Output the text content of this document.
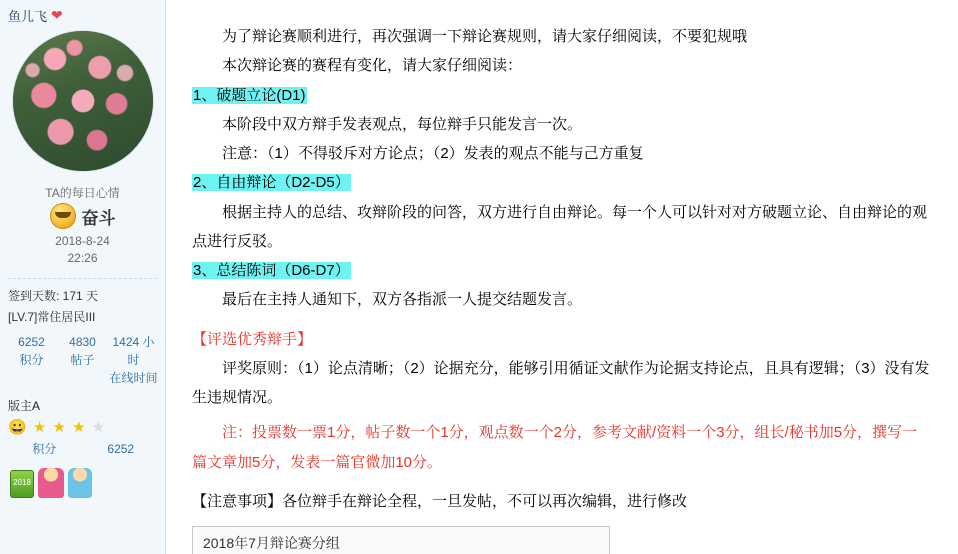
鱼儿飞 ❤
TA的每日心情
奋斗
2018-8-24
22:26
签到天数: 171 天
[LV.7]常住居民III
6252
积分
4830
帖子
1424 小时
在线时间
版主A
😀 ★ ★ ★ ★
积分	6252
2018

为了辩论赛顺利进行，再次强调一下辩论赛规则，请大家仔细阅读，不要犯规哦

本次辩论赛的赛程有变化，请大家仔细阅读：

1、破题立论(D1)

本阶段中双方辩手发表观点，每位辩手只能发言一次。

注意：（1）不得驳斥对方论点；（2）发表的观点不能与己方重复

2、自由辩论（D2-D5）

根据主持人的总结、攻辩阶段的问答，双方进行自由辩论。每一个人可以针对对方破题立论、自由辩论的观点进行反驳。

3、总结陈词（D6-D7）

最后在主持人通知下，双方各指派一人提交结题发言。

【评选优秀辩手】

评奖原则：（1）论点清晰；（2）论据充分，能够引用循证文献作为论据支持论点，且具有逻辑；（3）没有发生违规情况。

注：投票数一票1分，帖子数一个1分，观点数一个2分，参考文献/资料一个3分，组长/秘书加5分，撰写一篇文章加5分，发表一篇官微加10分。

【注意事项】各位辩手在辩论全程，一旦发帖，不可以再次编辑，进行修改

2018年7月辩论赛分组
